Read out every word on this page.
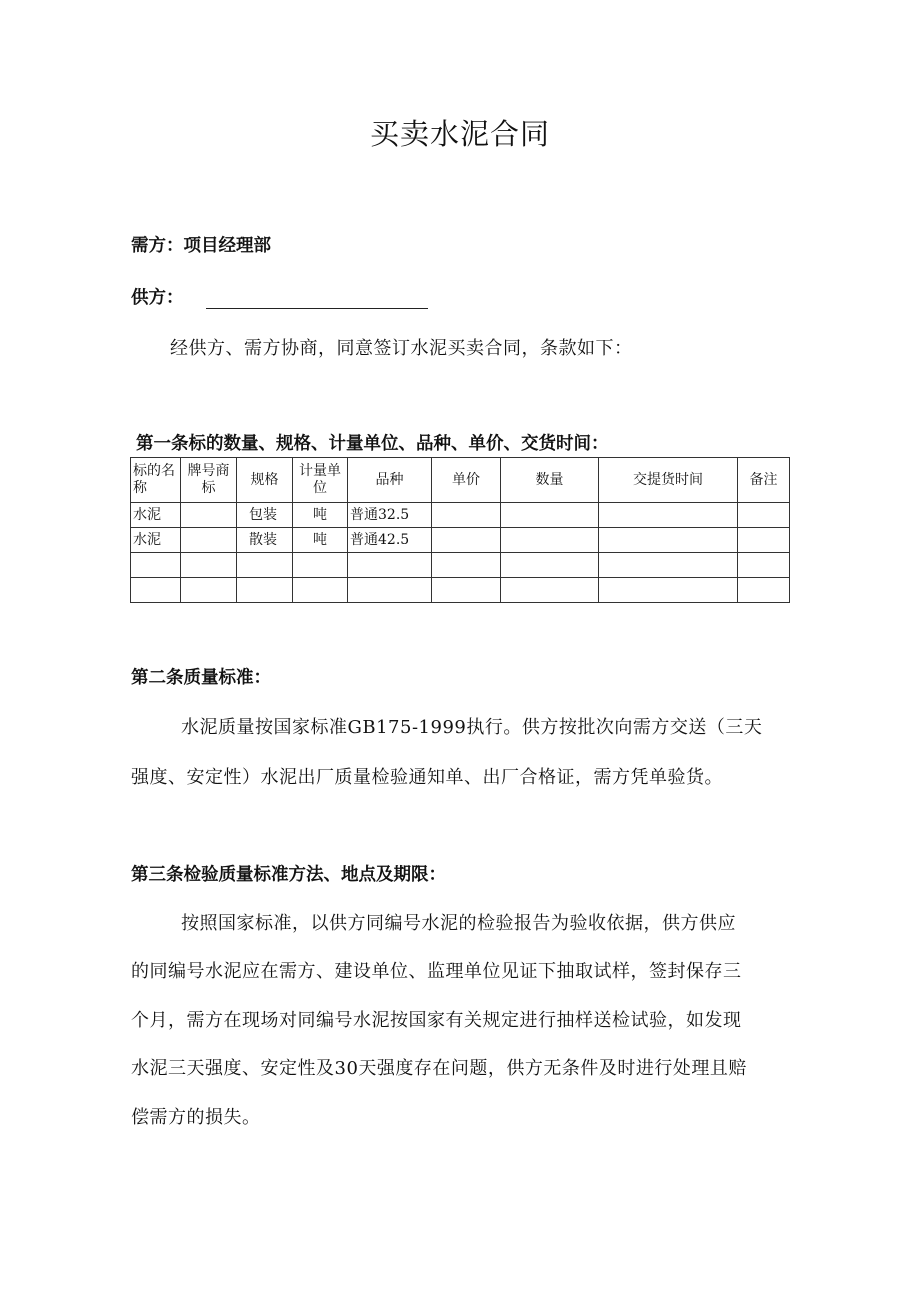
买卖水泥合同
需方：项目经理部
供方：
经供方、需方协商，同意签订水泥买卖合同，条款如下：
第一条标的数量、规格、计量单位、品种、单价、交货时间：
标的名称	牌号商标	规格	计量单位	品种	单价	数量	交提货时间	备注
水泥		包装	吨	普通32.5				
水泥		散装	吨	普通42.5				

第二条质量标准：
水泥质量按国家标准GB175-1999执行。供方按批次向需方交送（三天
强度、安定性）水泥出厂质量检验通知单、出厂合格证，需方凭单验货。
第三条检验质量标准方法、地点及期限：
按照国家标准，以供方同编号水泥的检验报告为验收依据，供方供应
的同编号水泥应在需方、建设单位、监理单位见证下抽取试样，签封保存三
个月，需方在现场对同编号水泥按国家有关规定进行抽样送检试验，如发现
水泥三天强度、安定性及30天强度存在问题，供方无条件及时进行处理且赔
偿需方的损失。
